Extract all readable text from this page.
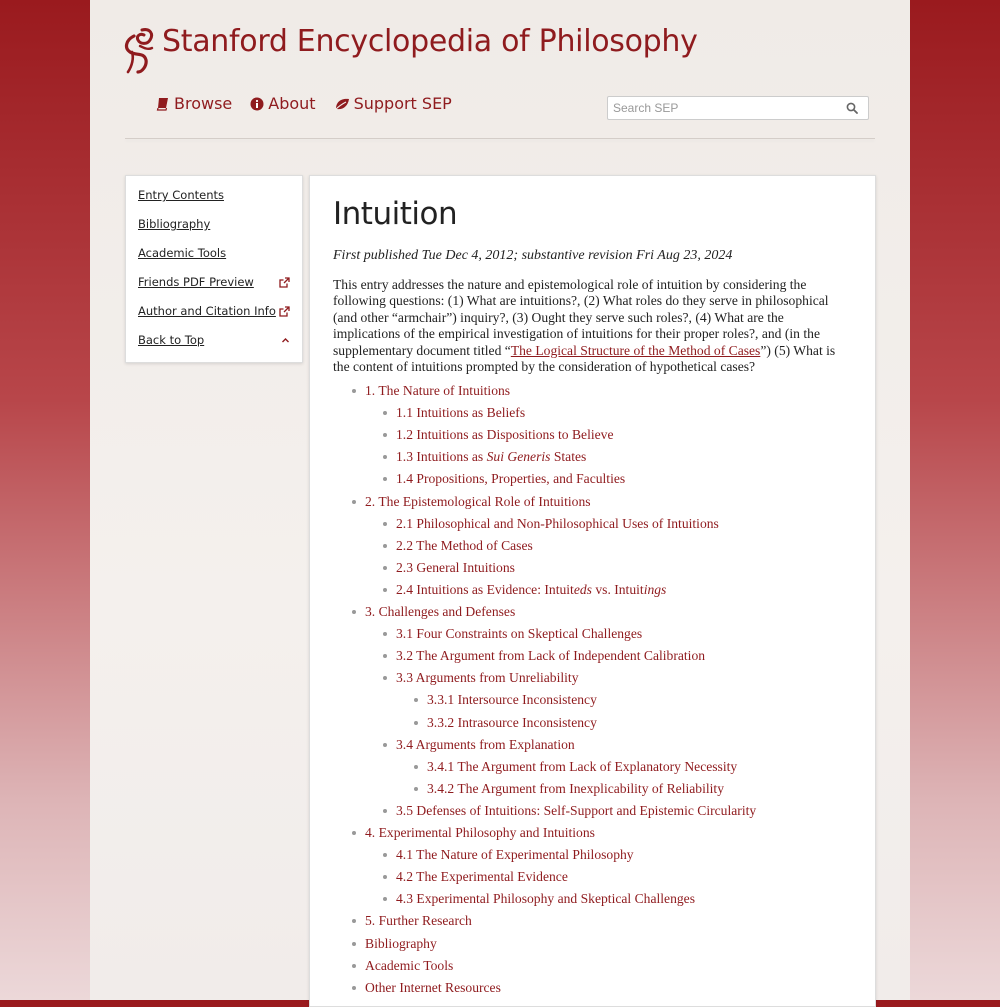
Stanford Encyclopedia of Philosophy
Browse About Support SEP
Search SEP
Entry Contents
Bibliography
Academic Tools
Friends PDF Preview
Author and Citation Info
Back to Top
Intuition
First published Tue Dec 4, 2012; substantive revision Fri Aug 23, 2024

This entry addresses the nature and epistemological role of intuition by considering the following questions: (1) What are intuitions?, (2) What roles do they serve in philosophical (and other “armchair”) inquiry?, (3) Ought they serve such roles?, (4) What are the implications of the empirical investigation of intuitions for their proper roles?, and (in the supplementary document titled “The Logical Structure of the Method of Cases”) (5) What is the content of intuitions prompted by the consideration of hypothetical cases?

1. The Nature of Intuitions
1.1 Intuitions as Beliefs
1.2 Intuitions as Dispositions to Believe
1.3 Intuitions as Sui Generis States
1.4 Propositions, Properties, and Faculties
2. The Epistemological Role of Intuitions
2.1 Philosophical and Non-Philosophical Uses of Intuitions
2.2 The Method of Cases
2.3 General Intuitions
2.4 Intuitions as Evidence: Intuiteds vs. Intuitings
3. Challenges and Defenses
3.1 Four Constraints on Skeptical Challenges
3.2 The Argument from Lack of Independent Calibration
3.3 Arguments from Unreliability
3.3.1 Intersource Inconsistency
3.3.2 Intrasource Inconsistency
3.4 Arguments from Explanation
3.4.1 The Argument from Lack of Explanatory Necessity
3.4.2 The Argument from Inexplicability of Reliability
3.5 Defenses of Intuitions: Self-Support and Epistemic Circularity
4. Experimental Philosophy and Intuitions
4.1 The Nature of Experimental Philosophy
4.2 The Experimental Evidence
4.3 Experimental Philosophy and Skeptical Challenges
5. Further Research
Bibliography
Academic Tools
Other Internet Resources
